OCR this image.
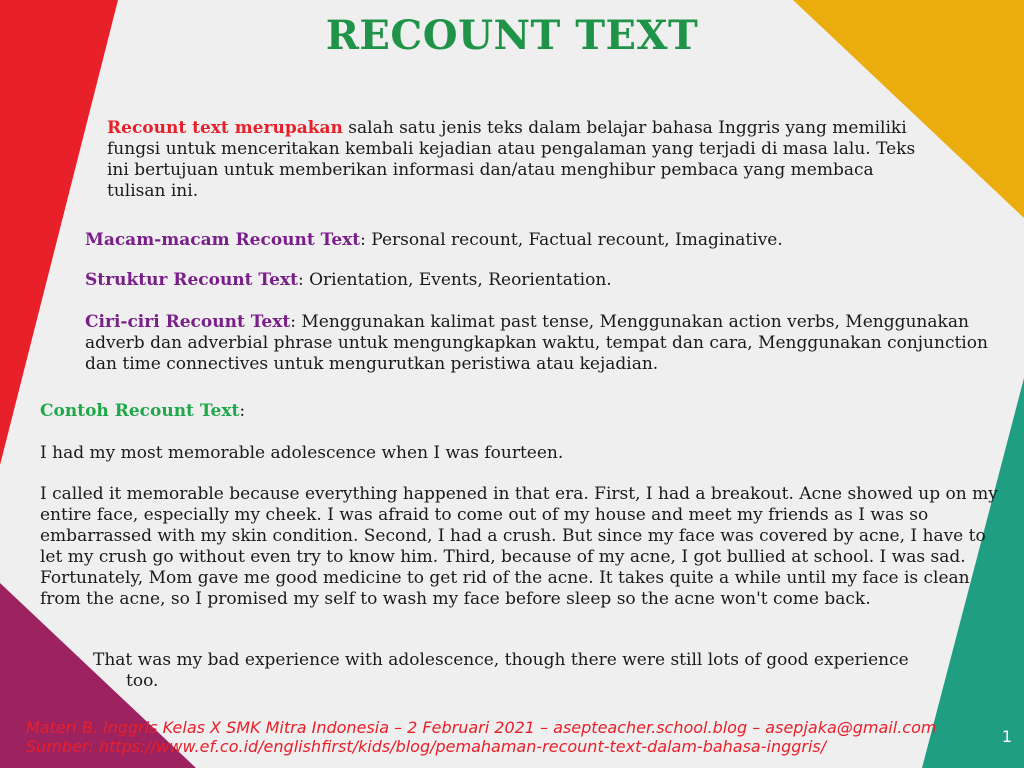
RECOUNT TEXT

Recount text merupakan salah satu jenis teks dalam belajar bahasa Inggris yang memiliki fungsi untuk menceritakan kembali kejadian atau pengalaman yang terjadi di masa lalu. Teks ini bertujuan untuk memberikan informasi dan/atau menghibur pembaca yang membaca tulisan ini.

Macam-macam Recount Text: Personal recount, Factual recount, Imaginative.

Struktur Recount Text: Orientation, Events, Reorientation.

Ciri-ciri Recount Text: Menggunakan kalimat past tense, Menggunakan action verbs, Menggunakan adverb dan adverbial phrase untuk mengungkapkan waktu, tempat dan cara, Menggunakan conjunction dan time connectives untuk mengurutkan peristiwa atau kejadian.

Contoh Recount Text:

I had my most memorable adolescence when I was fourteen.

I called it memorable because everything happened in that era. First, I had a breakout. Acne showed up on my entire face, especially my cheek. I was afraid to come out of my house and meet my friends as I was so embarrassed with my skin condition. Second, I had a crush. But since my face was covered by acne, I have to let my crush go without even try to know him. Third, because of my acne, I got bullied at school. I was sad. Fortunately, Mom gave me good medicine to get rid of the acne. It takes quite a while until my face is clean from the acne, so I promised my self to wash my face before sleep so the acne won't come back.

That was my bad experience with adolescence, though there were still lots of good experience too.

Materi B. Inggris Kelas X SMK Mitra Indonesia – 2 Februari 2021 – asepteacher.school.blog – asepjaka@gmail.com
Sumber: https://www.ef.co.id/englishfirst/kids/blog/pemahaman-recount-text-dalam-bahasa-inggris/
1
